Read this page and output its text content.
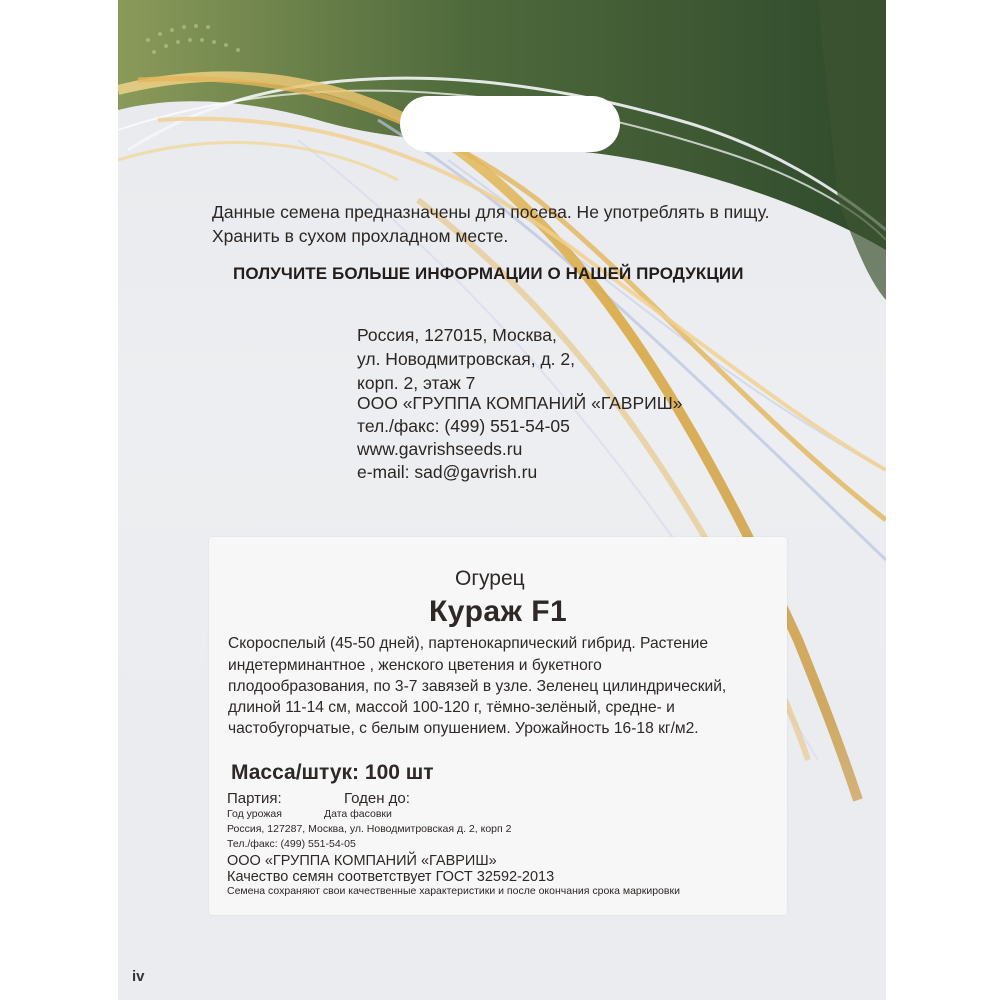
Данные семена предназначены для посева. Не употреблять в пищу.
Хранить в сухом прохладном месте.
ПОЛУЧИТЕ БОЛЬШЕ ИНФОРМАЦИИ О НАШЕЙ ПРОДУКЦИИ
Россия, 127015, Москва,
ул. Новодмитровская, д. 2,
корп. 2, этаж 7
ООО «ГРУППА КОМПАНИЙ «ГАВРИШ»
тел./факс: (499) 551-54-05
www.gavrishseeds.ru
e-mail: sad@gavrish.ru
Огурец
Кураж F1
Скороспелый (45-50 дней), партенокарпический гибрид. Растение
индетерминантное , женского цветения и букетного
плодообразования, по 3-7 завязей в узле. Зеленец цилиндрический,
длиной 11-14 см, массой 100-120 г, тёмно-зелёный, средне- и
частобугорчатые, с белым опушением. Урожайность 16-18 кг/м2.
Масса/штук: 100 шт
Партия:	Годен до:
Год урожая	Дата фасовки
Россия, 127287, Москва, ул. Новодмитровская д. 2, корп 2
Тел./факс: (499) 551-54-05
ООО «ГРУППА КОМПАНИЙ «ГАВРИШ»
Качество семян соответствует ГОСТ 32592-2013
Семена сохраняют свои качественные характеристики и после окончания срока маркировки
iv
